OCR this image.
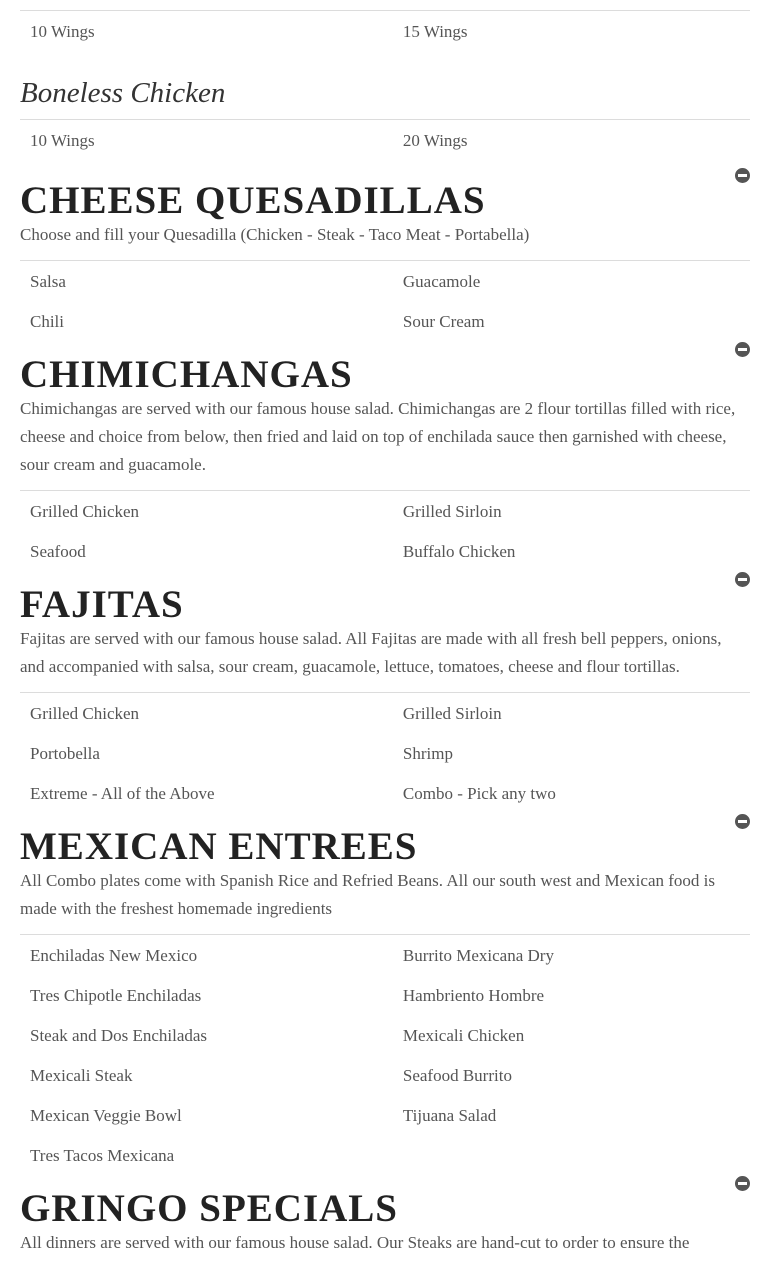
10 Wings	15 Wings
Boneless Chicken
10 Wings	20 Wings
CHEESE QUESADILLAS
Choose and fill your Quesadilla (Chicken - Steak - Taco Meat - Portabella)
Salsa	Guacamole
Chili	Sour Cream
CHIMICHANGAS
Chimichangas are served with our famous house salad. Chimichangas are 2 flour tortillas filled with rice, cheese and choice from below, then fried and laid on top of enchilada sauce then garnished with cheese, sour cream and guacamole.
Grilled Chicken	Grilled Sirloin
Seafood	Buffalo Chicken
FAJITAS
Fajitas are served with our famous house salad. All Fajitas are made with all fresh bell peppers, onions, and accompanied with salsa, sour cream, guacamole, lettuce, tomatoes, cheese and flour tortillas.
Grilled Chicken	Grilled Sirloin
Portobella	Shrimp
Extreme - All of the Above	Combo - Pick any two
MEXICAN ENTREES
All Combo plates come with Spanish Rice and Refried Beans. All our south west and Mexican food is made with the freshest homemade ingredients
Enchiladas New Mexico	Burrito Mexicana Dry
Tres Chipotle Enchiladas	Hambriento Hombre
Steak and Dos Enchiladas	Mexicali Chicken
Mexicali Steak	Seafood Burrito
Mexican Veggie Bowl	Tijuana Salad
Tres Tacos Mexicana
GRINGO SPECIALS
All dinners are served with our famous house salad. Our Steaks are hand-cut to order to ensure the
